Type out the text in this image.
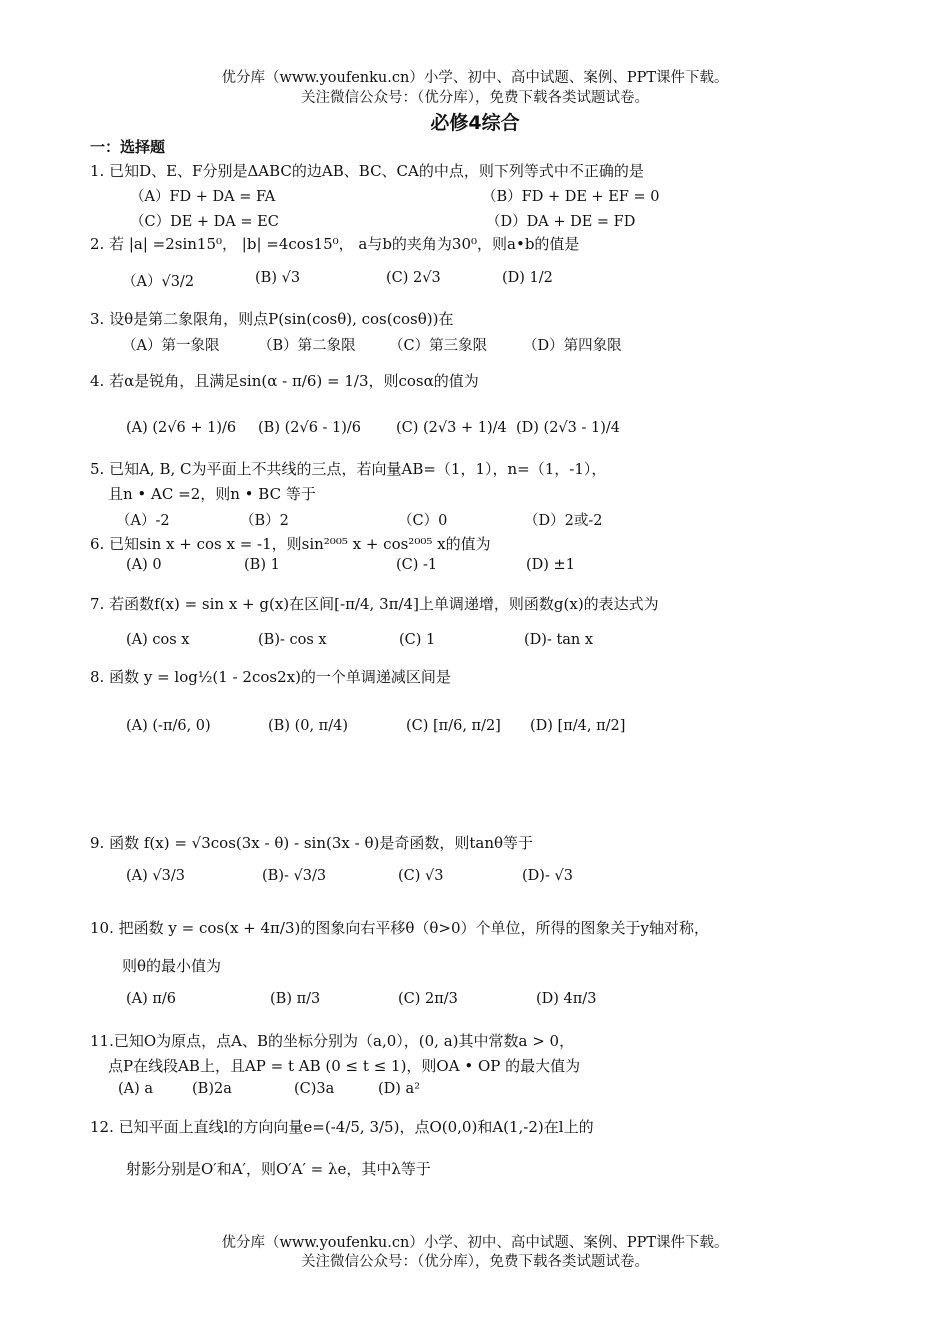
优分库（www.youfenku.cn）小学、初中、高中试题、案例、PPT课件下载。
关注微信公众号：（优分库），免费下载各类试题试卷。
必修4综合
一：选择题
1. 已知D、E、F分别是ΔABC的边AB、BC、CA的中点，则下列等式中不正确的是
（A）FD + DA = FA	（B）FD + DE + EF = 0
（C）DE + DA = EC	（D）DA + DE = FD
2. 若 |a| =2sin15⁰， |b| =4cos15⁰， a与b的夹角为30⁰，则a•b的值是
（A）√3/2	(B) √3	(C) 2√3	(D) 1/2
3. 设θ是第二象限角，则点P(sin(cosθ), cos(cosθ))在
（A）第一象限	（B）第二象限 （C）第三象限 （D）第四象限
4. 若α是锐角，且满足sin(α - π/6) = 1/3，则cosα的值为
(A) (2√6 + 1)/6 (B) (2√6 - 1)/6 (C) (2√3 + 1)/4 (D) (2√3 - 1)/4
5. 已知A, B, C为平面上不共线的三点，若向量AB=（1，1），n=（1，-1），
且n • AC =2，则n • BC 等于
（A）-2	（B）2	（C）0	（D）2或-2
6. 已知sin x + cos x = -1，则sin²⁰⁰⁵ x + cos²⁰⁰⁵ x的值为
(A) 0	(B) 1	(C) -1	(D) ±1
7. 若函数f(x) = sin x + g(x)在区间[-π/4, 3π/4]上单调递增，则函数g(x)的表达式为
(A) cos x	(B)- cos x	(C) 1	(D)- tan x
8. 函数 y = log½(1 - 2cos2x)的一个单调递减区间是
(A) (-π/6, 0)	(B) (0, π/4)	(C) [π/6, π/2] (D) [π/4, π/2]
9. 函数 f(x) = √3cos(3x - θ) - sin(3x - θ)是奇函数，则tanθ等于
(A) √3/3	(B)- √3/3	(C) √3	(D)- √3
10. 把函数 y = cos(x + 4π/3)的图象向右平移θ（θ>0）个单位，所得的图象关于y轴对称，
则θ的最小值为
(A) π/6	(B) π/3	(C) 2π/3	(D) 4π/3
11.已知O为原点，点A、B的坐标分别为（a,0），(0, a)其中常数a > 0，
点P在线段AB上，且AP = t AB (0 ≤ t ≤ 1)，则OA • OP 的最大值为
(A) a	(B)2a	(C)3a	(D) a²
12. 已知平面上直线l的方向向量e=(-4/5, 3/5)，点O(0,0)和A(1,-2)在l上的
射影分别是O′和A′，则O′A′ = λe，其中λ等于
优分库（www.youfenku.cn）小学、初中、高中试题、案例、PPT课件下载。
关注微信公众号：（优分库），免费下载各类试题试卷。
